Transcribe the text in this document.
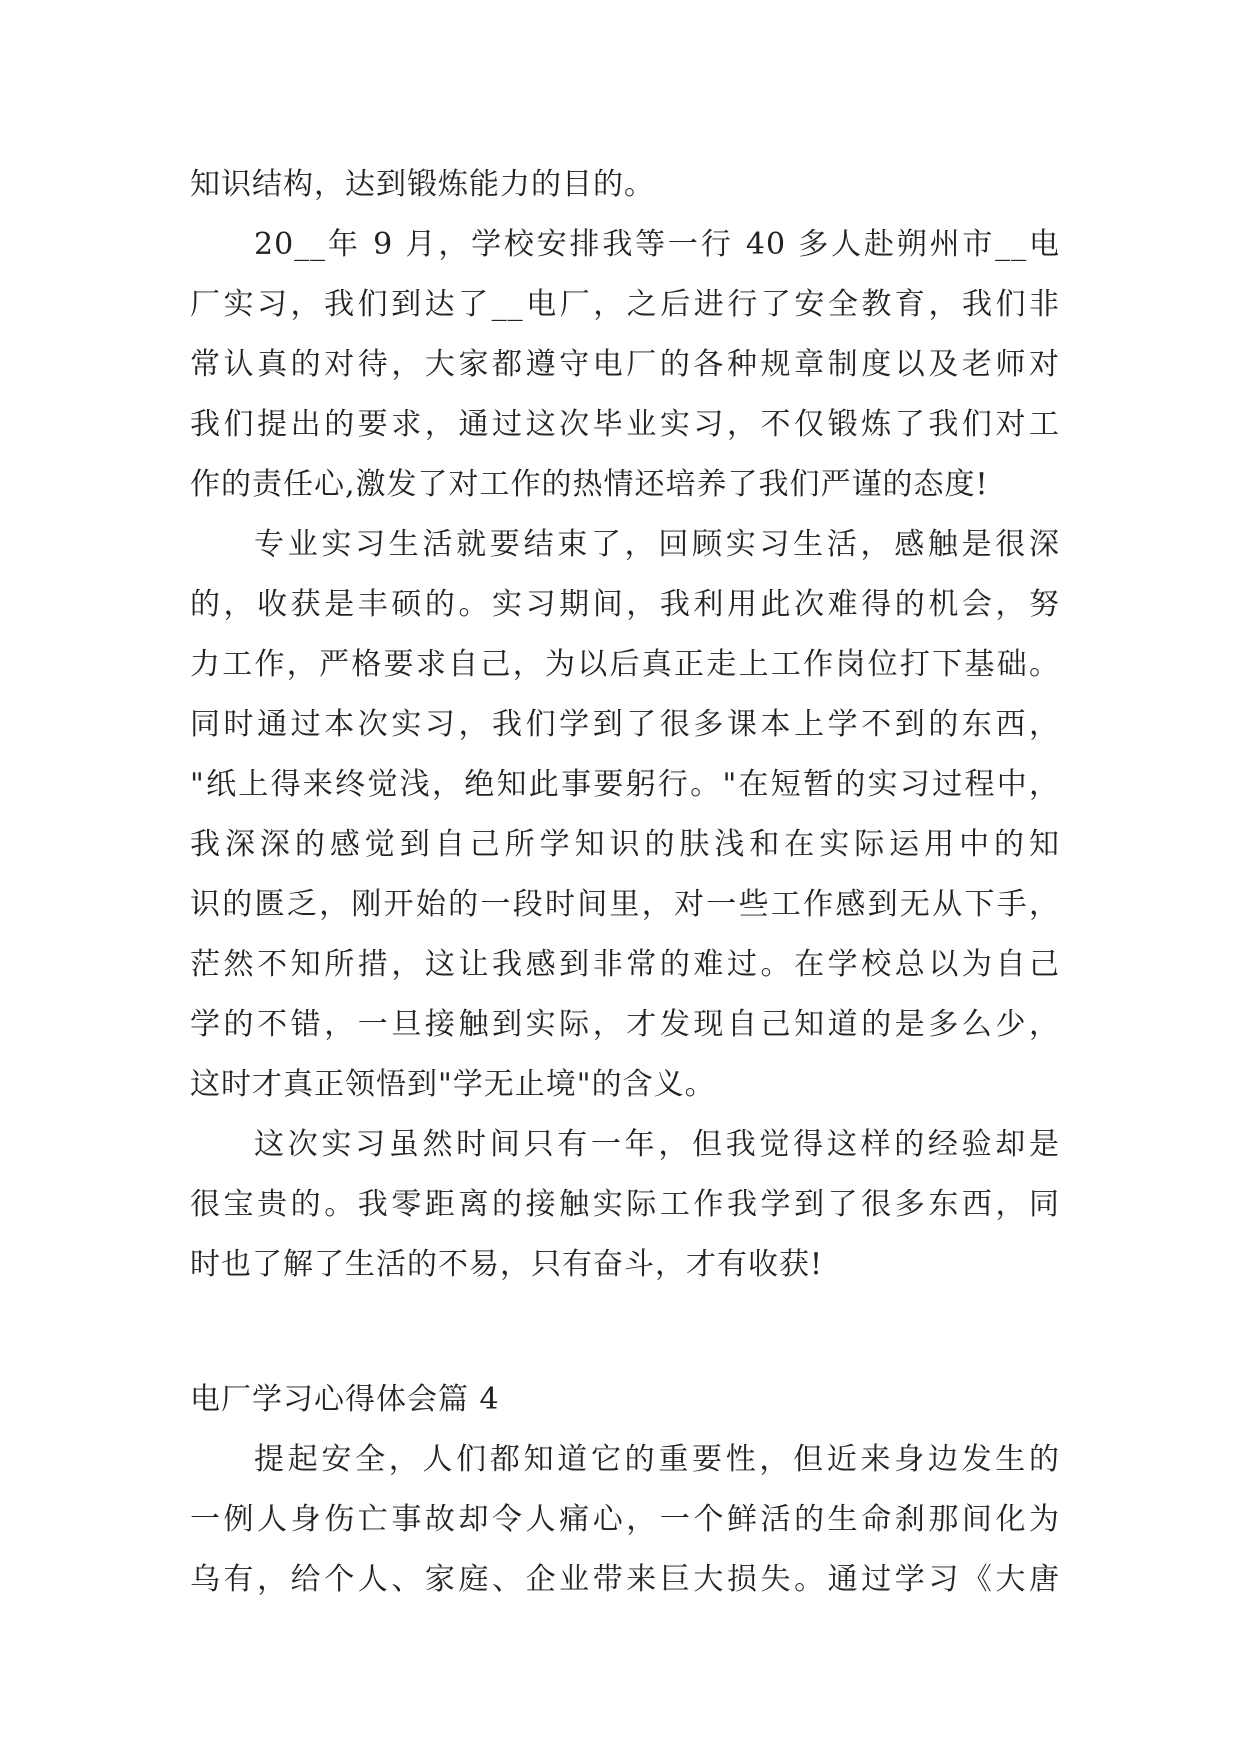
知识结构，达到锻炼能力的目的。
20__年 9 月，学校安排我等一行 40 多人赴朔州市__电
厂实习，我们到达了__电厂，之后进行了安全教育，我们非
常认真的对待，大家都遵守电厂的各种规章制度以及老师对
我们提出的要求，通过这次毕业实习，不仅锻炼了我们对工
作的责任心,激发了对工作的热情还培养了我们严谨的态度!
专业实习生活就要结束了，回顾实习生活，感触是很深
的，收获是丰硕的。实习期间，我利用此次难得的机会，努
力工作，严格要求自己，为以后真正走上工作岗位打下基础。
同时通过本次实习，我们学到了很多课本上学不到的东西，
"纸上得来终觉浅，绝知此事要躬行。"在短暂的实习过程中，
我深深的感觉到自己所学知识的肤浅和在实际运用中的知
识的匮乏，刚开始的一段时间里，对一些工作感到无从下手，
茫然不知所措，这让我感到非常的难过。在学校总以为自己
学的不错，一旦接触到实际，才发现自己知道的是多么少，
这时才真正领悟到"学无止境"的含义。
这次实习虽然时间只有一年，但我觉得这样的经验却是
很宝贵的。我零距离的接触实际工作我学到了很多东西，同
时也了解了生活的不易，只有奋斗，才有收获!
电厂学习心得体会篇 4
提起安全，人们都知道它的重要性，但近来身边发生的
一例人身伤亡事故却令人痛心，一个鲜活的生命刹那间化为
乌有，给个人、家庭、企业带来巨大损失。通过学习《大唐
